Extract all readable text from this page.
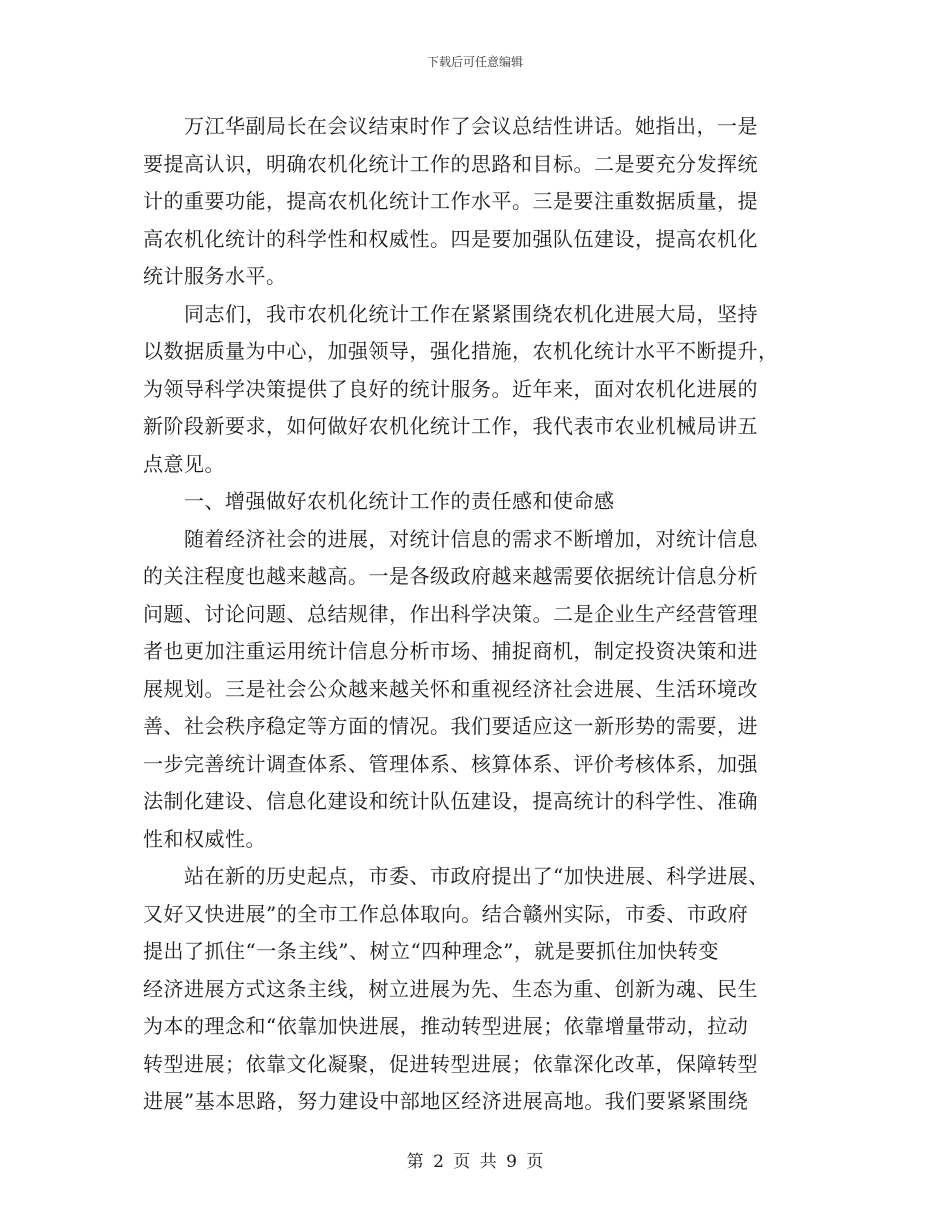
下载后可任意编辑
　　万江华副局长在会议结束时作了会议总结性讲话。她指出，一是
要提高认识，明确农机化统计工作的思路和目标。二是要充分发挥统
计的重要功能，提高农机化统计工作水平。三是要注重数据质量，提
高农机化统计的科学性和权威性。四是要加强队伍建设，提高农机化
统计服务水平。
　　同志们，我市农机化统计工作在紧紧围绕农机化进展大局，坚持
以数据质量为中心，加强领导，强化措施，农机化统计水平不断提升，
为领导科学决策提供了良好的统计服务。近年来，面对农机化进展的
新阶段新要求，如何做好农机化统计工作，我代表市农业机械局讲五
点意见。
　　一、增强做好农机化统计工作的责任感和使命感
　　随着经济社会的进展，对统计信息的需求不断增加，对统计信息
的关注程度也越来越高。一是各级政府越来越需要依据统计信息分析
问题、讨论问题、总结规律，作出科学决策。二是企业生产经营管理
者也更加注重运用统计信息分析市场、捕捉商机，制定投资决策和进
展规划。三是社会公众越来越关怀和重视经济社会进展、生活环境改
善、社会秩序稳定等方面的情况。我们要适应这一新形势的需要，进
一步完善统计调查体系、管理体系、核算体系、评价考核体系，加强
法制化建设、信息化建设和统计队伍建设，提高统计的科学性、准确
性和权威性。
　　站在新的历史起点，市委、市政府提出了“加快进展、科学进展、
又好又快进展”的全市工作总体取向。结合赣州实际，市委、市政府
提出了抓住“一条主线”、树立“四种理念”，就是要抓住加快转变
经济进展方式这条主线，树立进展为先、生态为重、创新为魂、民生
为本的理念和“依靠加快进展，推动转型进展；依靠增量带动，拉动
转型进展；依靠文化凝聚，促进转型进展；依靠深化改革，保障转型
进展”基本思路，努力建设中部地区经济进展高地。我们要紧紧围绕
第 2 页 共 9 页
